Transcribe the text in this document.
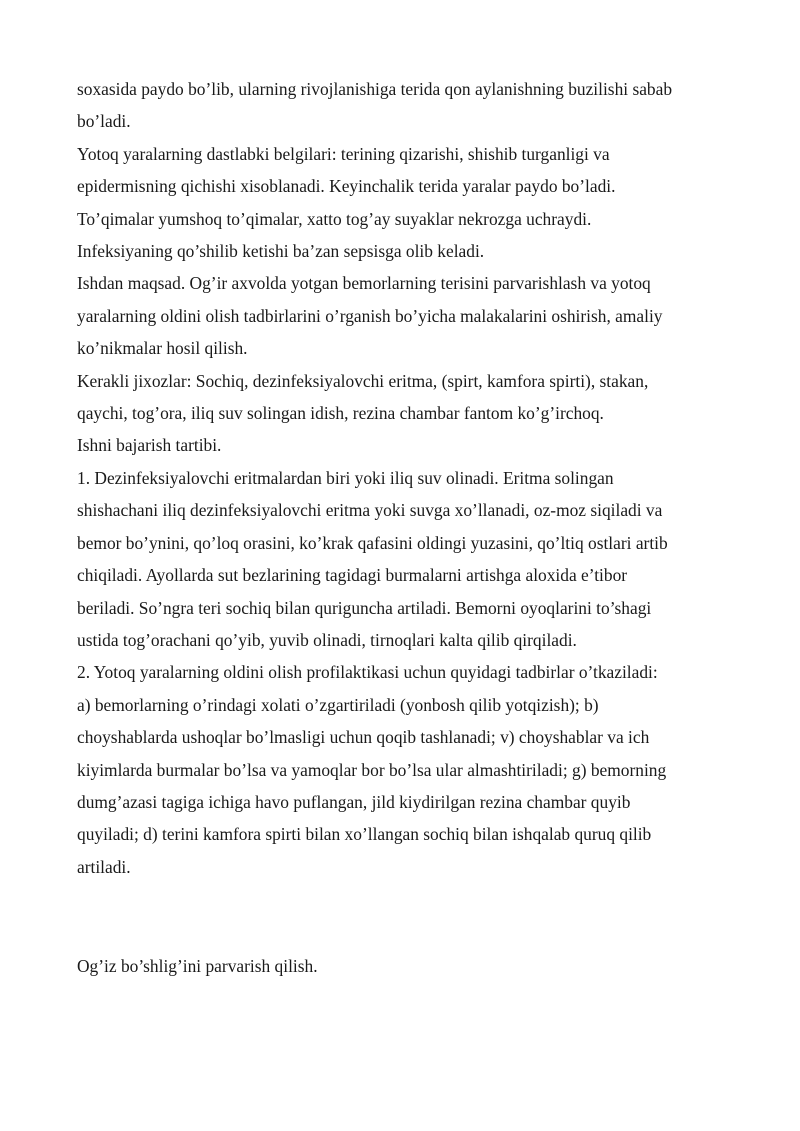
soxasida paydo bo’lib, ularning rivojlanishiga terida qon aylanishning buzilishi sabab
bo’ladi.

Yotoq yaralarning dastlabki belgilari: terining qizarishi, shishib turganligi va
epidermisning qichishi xisoblanadi. Keyinchalik terida yaralar paydo bo’ladi.

To’qimalar yumshoq to’qimalar, xatto tog’ay suyaklar nekrozga uchraydi.

Infeksiyaning qo’shilib ketishi ba’zan sepsisga olib keladi.

Ishdan maqsad. Og’ir axvolda yotgan bemorlarning terisini parvarishlash va yotoq
yaralarning oldini olish tadbirlarini o’rganish bo’yicha malakalarini oshirish, amaliy
ko’nikmalar hosil qilish.

Kerakli jixozlar: Sochiq, dezinfeksiyalovchi eritma, (spirt, kamfora spirti), stakan,
qaychi, tog’ora, iliq suv solingan idish, rezina chambar fantom ko’g’irchoq.

Ishni bajarish tartibi.

1. Dezinfeksiyalovchi eritmalardan biri yoki iliq suv olinadi. Eritma solingan
shishachani iliq dezinfeksiyalovchi eritma yoki suvga xo’llanadi, oz-moz siqiladi va
bemor bo’ynini, qo’loq orasini, ko’krak qafasini oldingi yuzasini, qo’ltiq ostlari artib
chiqiladi. Ayollarda sut bezlarining tagidagi burmalarni artishga aloxida e’tibor
beriladi. So’ngra teri sochiq bilan qurigunchа artiladi. Bemorni oyoqlarini to’shagi
ustida tog’orachani qo’yib, yuvib olinadi, tirnoqlari kalta qilib qirqiladi.

2. Yotoq yaralarning oldini olish profilaktikasi uchun quyidagi tadbirlar o’tkaziladi:
a) bemorlarning o’rindagi xolati o’zgartiriladi (yonbosh qilib yotqizish); b)
choyshablarda ushoqlar bo’lmasligi uchun qoqib tashlanadi; v) choyshablar va ich
kiyimlarda burmalar bo’lsa va yamoqlar bor bo’lsa ular almashtiriladi; g) bemorning
dumg’azasi tagiga ichiga havo puflangan, jild kiydirilgan rezina chambar quyib
quyiladi; d) terini kamfora spirti bilan xo’llangan sochiq bilan ishqalab quruq qilib
artiladi.

Og’iz bo’shlig’ini parvarish qilish.
